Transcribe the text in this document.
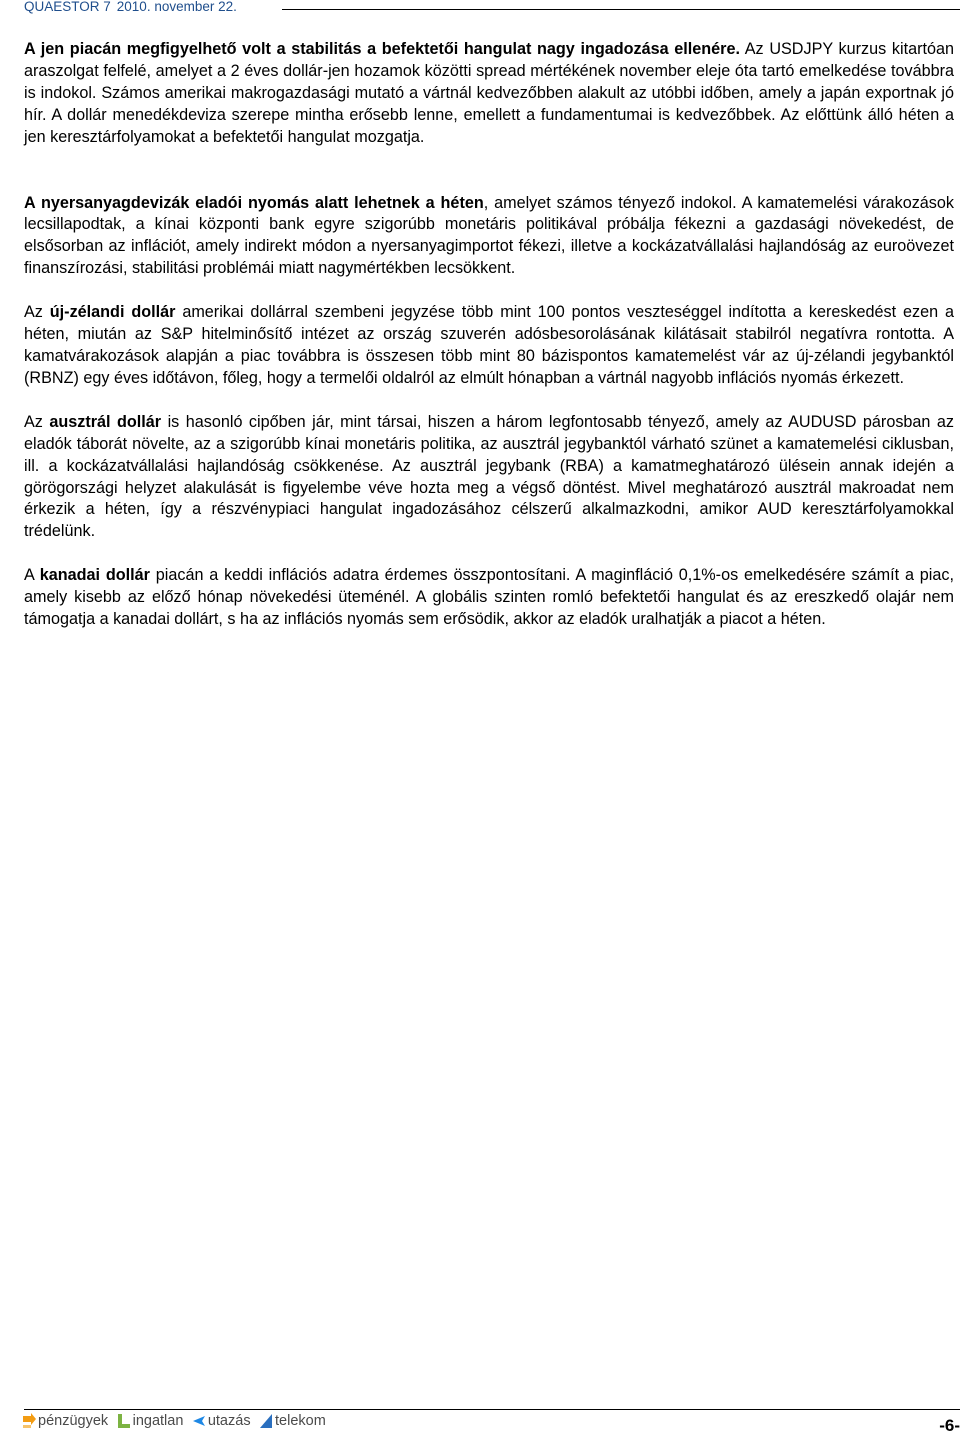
QUAESTOR 7 2010. november 22.

A jen piacán megfigyelhető volt a stabilitás a befektetői hangulat nagy ingadozása ellenére. Az USDJPY kurzus kitartóan araszolgat felfelé, amelyet a 2 éves dollár-jen hozamok közötti spread mértékének november eleje óta tartó emelkedése továbbra is indokol. Számos amerikai makrogazdasági mutató a vártnál kedvezőbben alakult az utóbbi időben, amely a japán exportnak jó hír. A dollár menedékdeviza szerepe mintha erősebb lenne, emellett a fundamentumai is kedvezőbbek. Az előttünk álló héten a jen keresztárfolyamokat a befektetői hangulat mozgatja.

A nyersanyagdevizák eladói nyomás alatt lehetnek a héten, amelyet számos tényező indokol. A kamatemelési várakozások lecsillapodtak, a kínai központi bank egyre szigorúbb monetáris politikával próbálja fékezni a gazdasági növekedést, de elsősorban az inflációt, amely indirekt módon a nyersanyagimportot fékezi, illetve a kockázatvállalási hajlandóság az euroövezet finanszírozási, stabilitási problémái miatt nagymértékben lecsökkent.

Az új-zélandi dollár amerikai dollárral szembeni jegyzése több mint 100 pontos veszteséggel indította a kereskedést ezen a héten, miután az S&P hitelminősítő intézet az ország szuverén adósbesorolásának kilátásait stabilról negatívra rontotta. A kamatvárakozások alapján a piac továbbra is összesen több mint 80 bázispontos kamatemelést vár az új-zélandi jegybanktól (RBNZ) egy éves időtávon, főleg, hogy a termelői oldalról az elmúlt hónapban a vártnál nagyobb inflációs nyomás érkezett.

Az ausztrál dollár is hasonló cipőben jár, mint társai, hiszen a három legfontosabb tényező, amely az AUDUSD párosban az eladók táborát növelte, az a szigorúbb kínai monetáris politika, az ausztrál jegybanktól várható szünet a kamatemelési ciklusban, ill. a kockázatvállalási hajlandóság csökkenése. Az ausztrál jegybank (RBA) a kamatmeghatározó ülésein annak idején a görögországi helyzet alakulását is figyelembe véve hozta meg a végső döntést. Mivel meghatározó ausztrál makroadat nem érkezik a héten, így a részvénypiaci hangulat ingadozásához célszerű alkalmazkodni, amikor AUD keresztárfolyamokkal trédelünk.

A kanadai dollár piacán a keddi inflációs adatra érdemes összpontosítani. A maginfláció 0,1%-os emelkedésére számít a piac, amely kisebb az előző hónap növekedési üteménél. A globális szinten romló befektetői hangulat és az ereszkedő olajár nem támogatja a kanadai dollárt, s ha az inflációs nyomás sem erősödik, akkor az eladók uralhatják a piacot a héten.

pénzügyek
ingatlan
utazás
telekom	-6-
